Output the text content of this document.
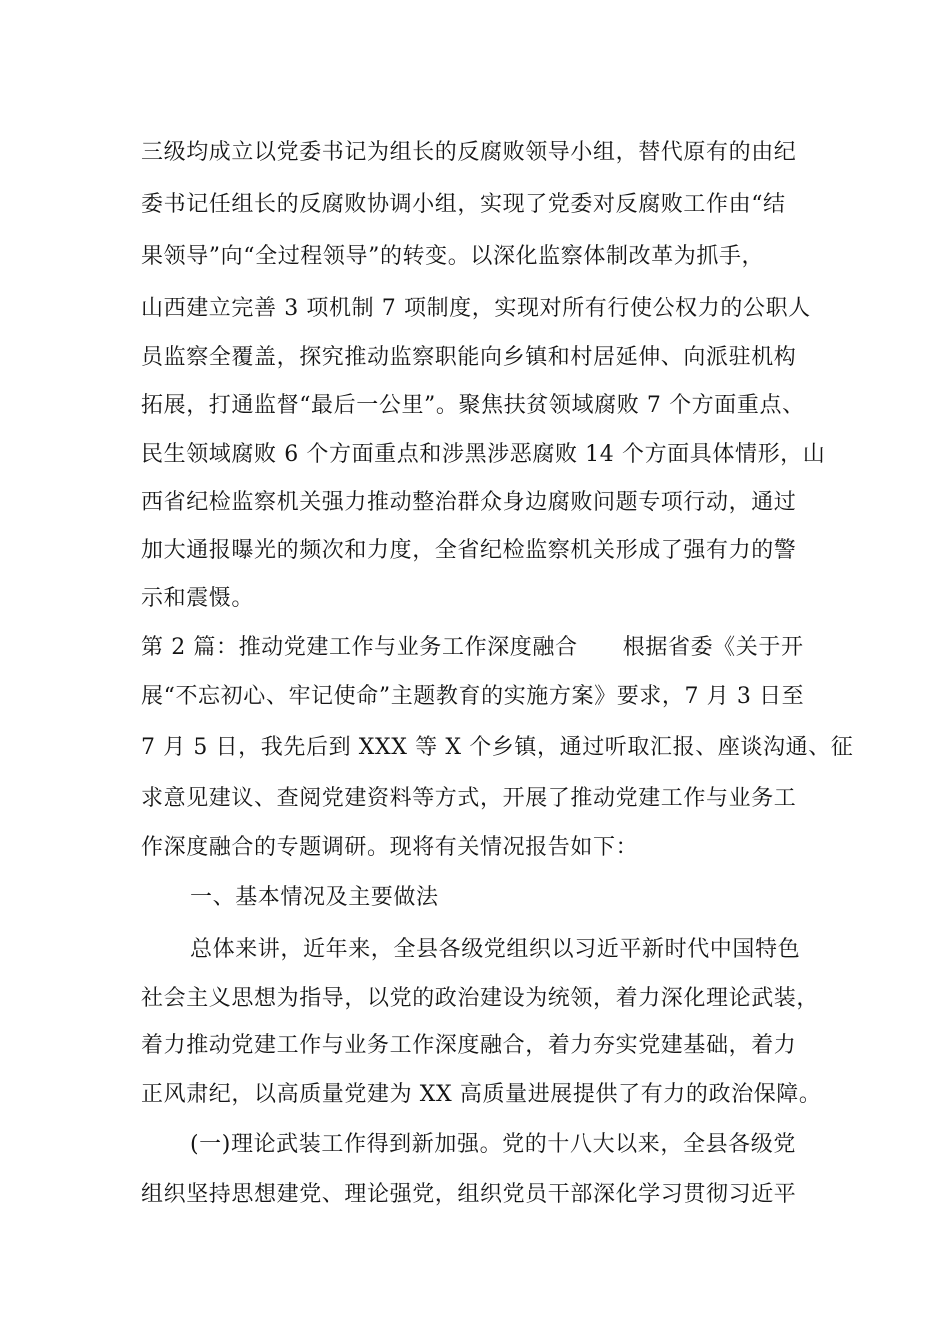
三级均成立以党委书记为组长的反腐败领导小组，替代原有的由纪
委书记任组长的反腐败协调小组，实现了党委对反腐败工作由“结
果领导”向“全过程领导”的转变。以深化监察体制改革为抓手，
山西建立完善 3 项机制 7 项制度，实现对所有行使公权力的公职人
员监察全覆盖，探究推动监察职能向乡镇和村居延伸、向派驻机构
拓展，打通监督“最后一公里”。聚焦扶贫领域腐败 7 个方面重点、
民生领域腐败 6 个方面重点和涉黑涉恶腐败 14 个方面具体情形，山
西省纪检监察机关强力推动整治群众身边腐败问题专项行动，通过
加大通报曝光的频次和力度，全省纪检监察机关形成了强有力的警
示和震慑。
第 2 篇：推动党建工作与业务工作深度融合　　根据省委《关于开
展“不忘初心、牢记使命”主题教育的实施方案》要求，7 月 3 日至
7 月 5 日，我先后到 XXX 等 X 个乡镇，通过听取汇报、座谈沟通、征
求意见建议、查阅党建资料等方式，开展了推动党建工作与业务工
作深度融合的专题调研。现将有关情况报告如下：
一、基本情况及主要做法
总体来讲，近年来，全县各级党组织以习近平新时代中国特色
社会主义思想为指导，以党的政治建设为统领，着力深化理论武装，
着力推动党建工作与业务工作深度融合，着力夯实党建基础，着力
正风肃纪，以高质量党建为 XX 高质量进展提供了有力的政治保障。
(一)理论武装工作得到新加强。党的十八大以来，全县各级党
组织坚持思想建党、理论强党，组织党员干部深化学习贯彻习近平
